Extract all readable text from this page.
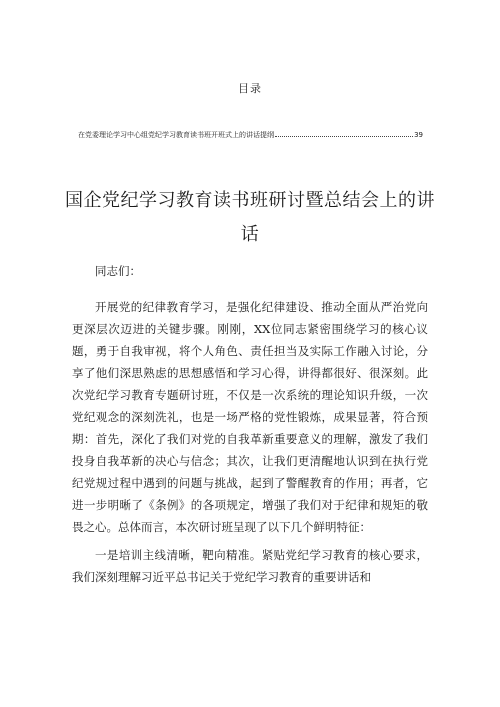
目录
在党委理论学习中心组党纪学习教育读书班开班式上的讲话提纲	39
国企党纪学习教育读书班研讨暨总结会上的讲话

同志们：

开展党的纪律教育学习，是强化纪律建设、推动全面从严治党向更深层次迈进的关键步骤。刚刚，XX位同志紧密围绕学习的核心议题，勇于自我审视，将个人角色、责任担当及实际工作融入讨论，分享了他们深思熟虑的思想感悟和学习心得，讲得都很好、很深刻。此次党纪学习教育专题研讨班，不仅是一次系统的理论知识升级，一次党纪观念的深刻洗礼，也是一场严格的党性锻炼，成果显著，符合预期：首先，深化了我们对党的自我革新重要意义的理解，激发了我们投身自我革新的决心与信念；其次，让我们更清醒地认识到在执行党纪党规过程中遇到的问题与挑战，起到了警醒教育的作用；再者，它进一步明晰了《条例》的各项规定，增强了我们对于纪律和规矩的敬畏之心。总体而言，本次研讨班呈现了以下几个鲜明特征：

一是培训主线清晰，靶向精准。紧贴党纪学习教育的核心要求，我们深刻理解习近平总书记关于党纪学习教育的重要讲话和
